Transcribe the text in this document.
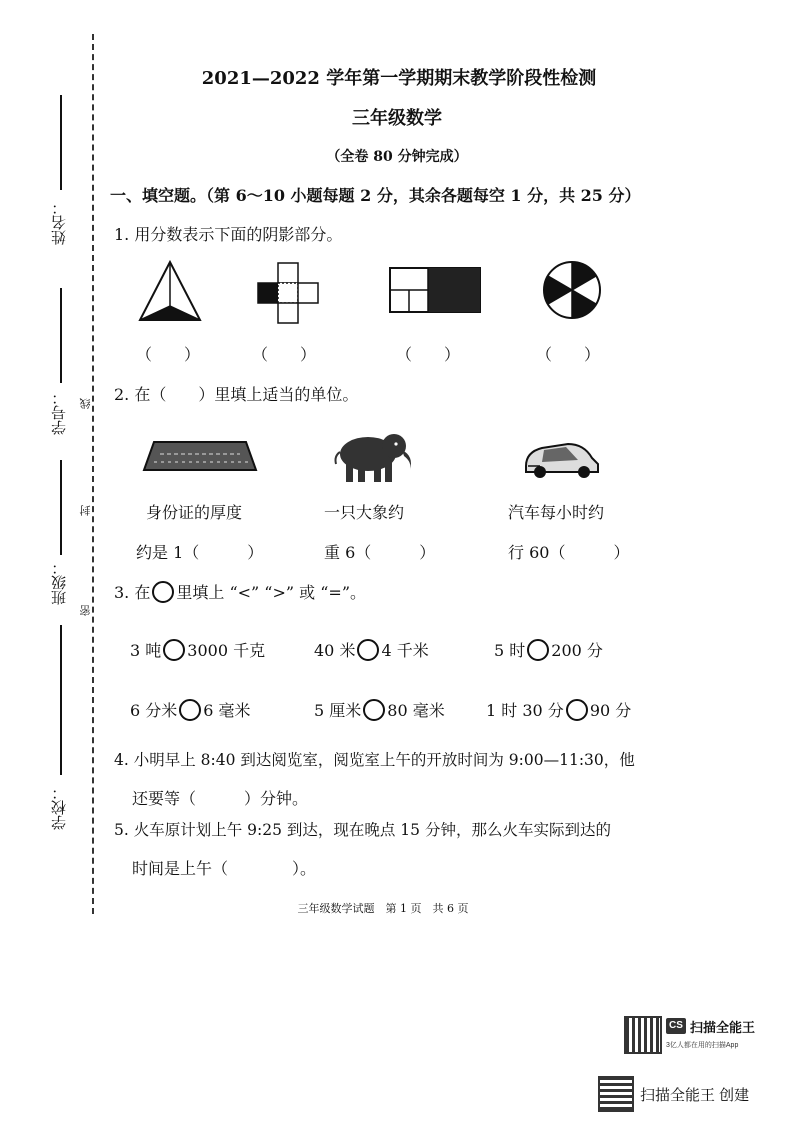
姓名：
学号：
班级：
学校：
线
封
密
2021—2022 学年第一学期期末教学阶段性检测
三年级数学
（全卷 80 分钟完成）
一、填空题。（第 6～10 小题每题 2 分，其余各题每空 1 分，共 25 分）
1. 用分数表示下面的阴影部分。
（　　）	（　　）	（　　）	（　　）
2. 在（　　）里填上适当的单位。
身份证的厚度	一只大象约	汽车每小时约
约是 1（　　　）	重 6（　　　）	行 60（　　　）
3. 在 里填上 “<” “>” 或 “=”。
3 吨 3000 千克	40 米 4 千米	5 时 200 分
6 分米 6 毫米	5 厘米 80 毫米	1 时 30 分 90 分
4. 小明早上 8:40 到达阅览室，阅览室上午的开放时间为 9:00—11:30，他
还要等（　　　）分钟。
5. 火车原计划上午 9:25 到达，现在晚点 15 分钟，那么火车实际到达的
时间是上午（　　　　）。
三年级数学试题　第 1 页　共 6 页
CS 扫描全能王
3亿人都在用的扫描App
扫描全能王 创建
